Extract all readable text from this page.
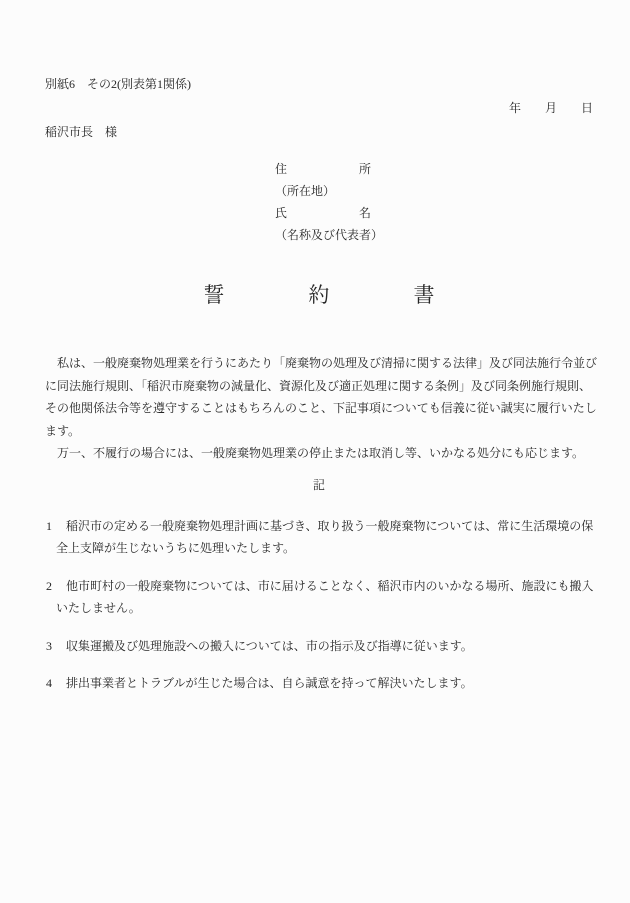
別紙6　その2(別表第1関係)
年　　月　　日
稲沢市長　様
住　　　　　　所
（所在地）
氏　　　　　　名
（名称及び代表者）
誓　　　　約　　　　書
　私は、一般廃棄物処理業を行うにあたり「廃棄物の処理及び清掃に関する法律」及び同法施行令並び
に同法施行規則、「稲沢市廃棄物の減量化、資源化及び適正処理に関する条例」及び同条例施行規則、
その他関係法令等を遵守することはもちろんのこと、下記事項についても信義に従い誠実に履行いたし
ます。
　万一、不履行の場合には、一般廃棄物処理業の停止または取消し等、いかなる処分にも応じます。
記
1	稲沢市の定める一般廃棄物処理計画に基づき、取り扱う一般廃棄物については、常に生活環境の保
全上支障が生じないうちに処理いたします。
2	他市町村の一般廃棄物については、市に届けることなく、稲沢市内のいかなる場所、施設にも搬入
いたしません。
3	収集運搬及び処理施設への搬入については、市の指示及び指導に従います。
4	排出事業者とトラブルが生じた場合は、自ら誠意を持って解決いたします。
